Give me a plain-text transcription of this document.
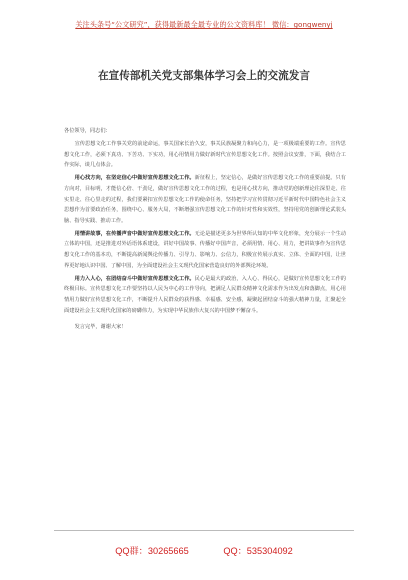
关注头条号“公文研究”，获得最新最全最专业的公文资料库！ 微信：gongwenyj
在宣传部机关党支部集体学习会上的交流发言

各位领导，同志们：

宣传思想文化工作事关党的前途命运，事关国家长治久安，事关民族凝聚力和向心力，是一项极端重要的工作。宣传思想文化工作，必须下真功、下苦功、下实功，用心用情用力做好新时代宣传思想文化工作。按照会议安排，下面，我结合工作实际，谈几点体会。

用心找方向，在坚定信心中做好宣传思想文化工作。新征程上，坚定信心，是做好宣传思想文化工作的重要前提。只有方向对，目标明，才能信心倍、干劲足，做好宣传思想文化工作的过程，也是用心找方向，推动党的创新理论往深里走、往实里走、往心里走的过程，我们要紧扣宣传思想文化工作的使命任务，坚持把学习宣传贯彻习近平新时代中国特色社会主义思想作为首要政治任务，围绕中心、服务大局，不断增强宣传思想文化工作的针对性和实效性，坚持用党的创新理论武装头脑、指导实践、推动工作。

用情讲故事，在传播声音中做好宣传思想文化工作。无论是描述更多为世界所认知的中华文化形象，充分展示一个生动立体的中国，还是推进对外话语体系建设，讲好中国故事、传播好中国声音，必须用情、用心、用力，把讲故事作为宣传思想文化工作的基本功，不断提高新闻舆论传播力、引导力、影响力、公信力，积极宣传展示真实、立体、全面的中国，让世界更好地认识中国、了解中国，为全面建设社会主义现代化国家营造良好的外部舆论环境。

用力入人心，在团结奋斗中做好宣传思想文化工作。民心是最大的政治，入人心、得民心，是做好宣传思想文化工作的终极目标。宣传思想文化工作要坚持以人民为中心的工作导向，把满足人民群众精神文化需求作为出发点和落脚点，用心用情用力做好宣传思想文化工作，不断提升人民群众的获得感、幸福感、安全感，凝聚起团结奋斗的强大精神力量，汇聚起全面建设社会主义现代化国家的磅礴伟力，为实现中华民族伟大复兴的中国梦不懈奋斗。

发言完毕，谢谢大家！

QQ群：30265665	QQ：535304092
